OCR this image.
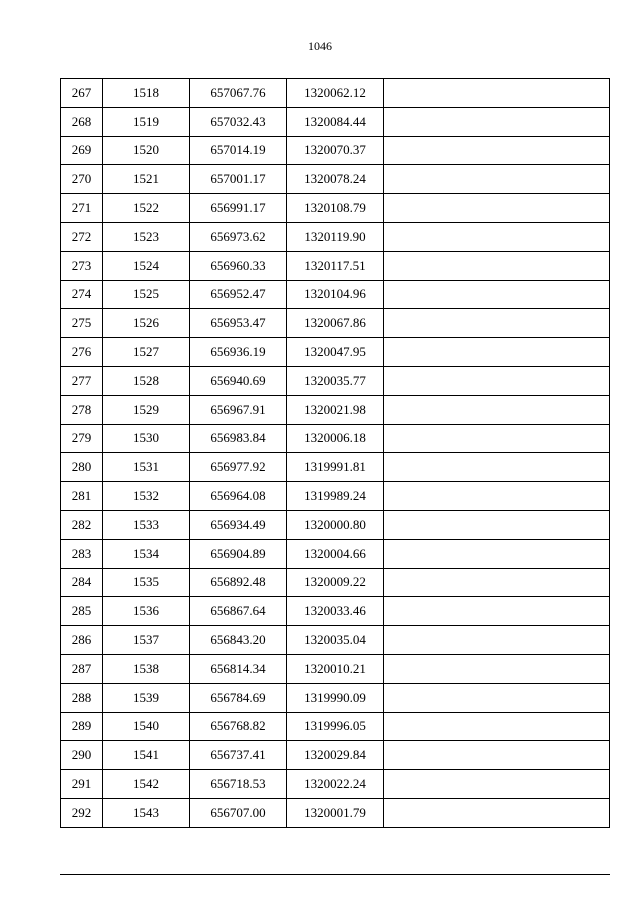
1046
267	1518	657067.76	1320062.12	
268	1519	657032.43	1320084.44	
269	1520	657014.19	1320070.37	
270	1521	657001.17	1320078.24	
271	1522	656991.17	1320108.79	
272	1523	656973.62	1320119.90	
273	1524	656960.33	1320117.51	
274	1525	656952.47	1320104.96	
275	1526	656953.47	1320067.86	
276	1527	656936.19	1320047.95	
277	1528	656940.69	1320035.77	
278	1529	656967.91	1320021.98	
279	1530	656983.84	1320006.18	
280	1531	656977.92	1319991.81	
281	1532	656964.08	1319989.24	
282	1533	656934.49	1320000.80	
283	1534	656904.89	1320004.66	
284	1535	656892.48	1320009.22	
285	1536	656867.64	1320033.46	
286	1537	656843.20	1320035.04	
287	1538	656814.34	1320010.21	
288	1539	656784.69	1319990.09	
289	1540	656768.82	1319996.05	
290	1541	656737.41	1320029.84	
291	1542	656718.53	1320022.24	
292	1543	656707.00	1320001.79	
